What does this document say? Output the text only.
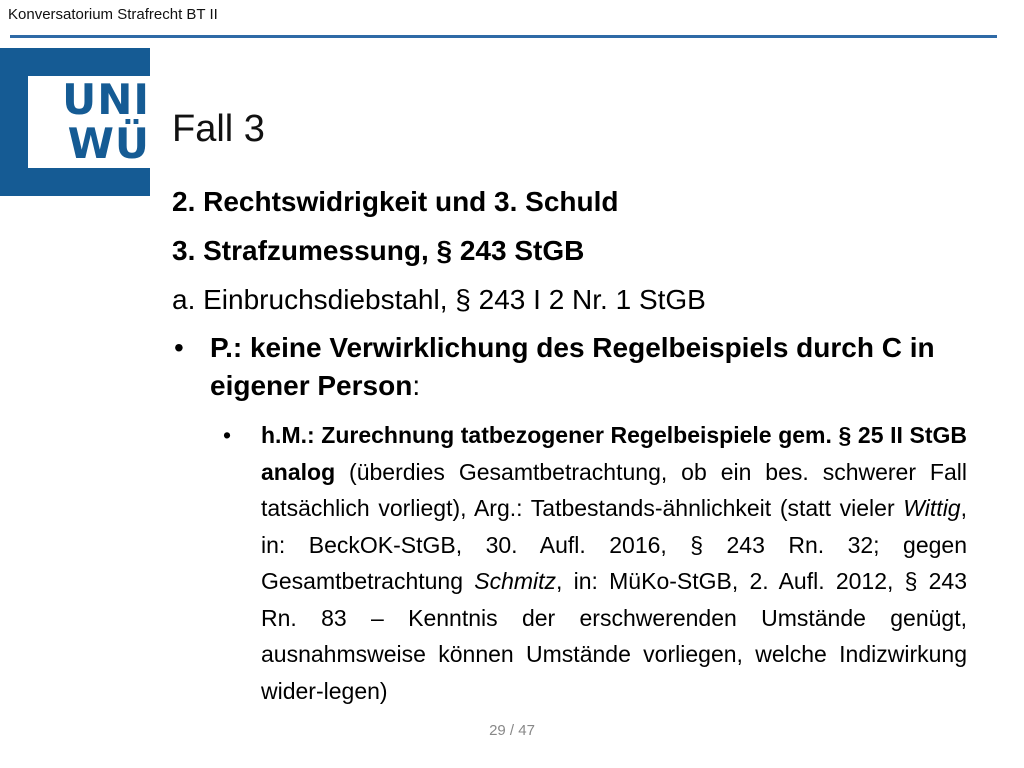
Konversatorium Strafrecht BT II
UNI
WÜ Fall 3
2. Rechtswidrigkeit und 3. Schuld
3. Strafzumessung, § 243 StGB
a. Einbruchsdiebstahl, § 243 I 2 Nr. 1 StGB
• P.: keine Verwirklichung des Regelbeispiels durch C in eigener Person:
• h.M.: Zurechnung tatbezogener Regelbeispiele gem. § 25 II StGB analog (überdies Gesamtbetrachtung, ob ein bes. schwerer Fall tatsächlich vorliegt), Arg.: Tatbestands-ähnlichkeit (statt vieler Wittig, in: BeckOK-StGB, 30. Aufl. 2016, § 243 Rn. 32; gegen Gesamtbetrachtung Schmitz, in: MüKo-StGB, 2. Aufl. 2012, § 243 Rn. 83 – Kenntnis der erschwerenden Umstände genügt, ausnahmsweise können Umstände vorliegen, welche Indizwirkung wider-legen)
29 / 47
